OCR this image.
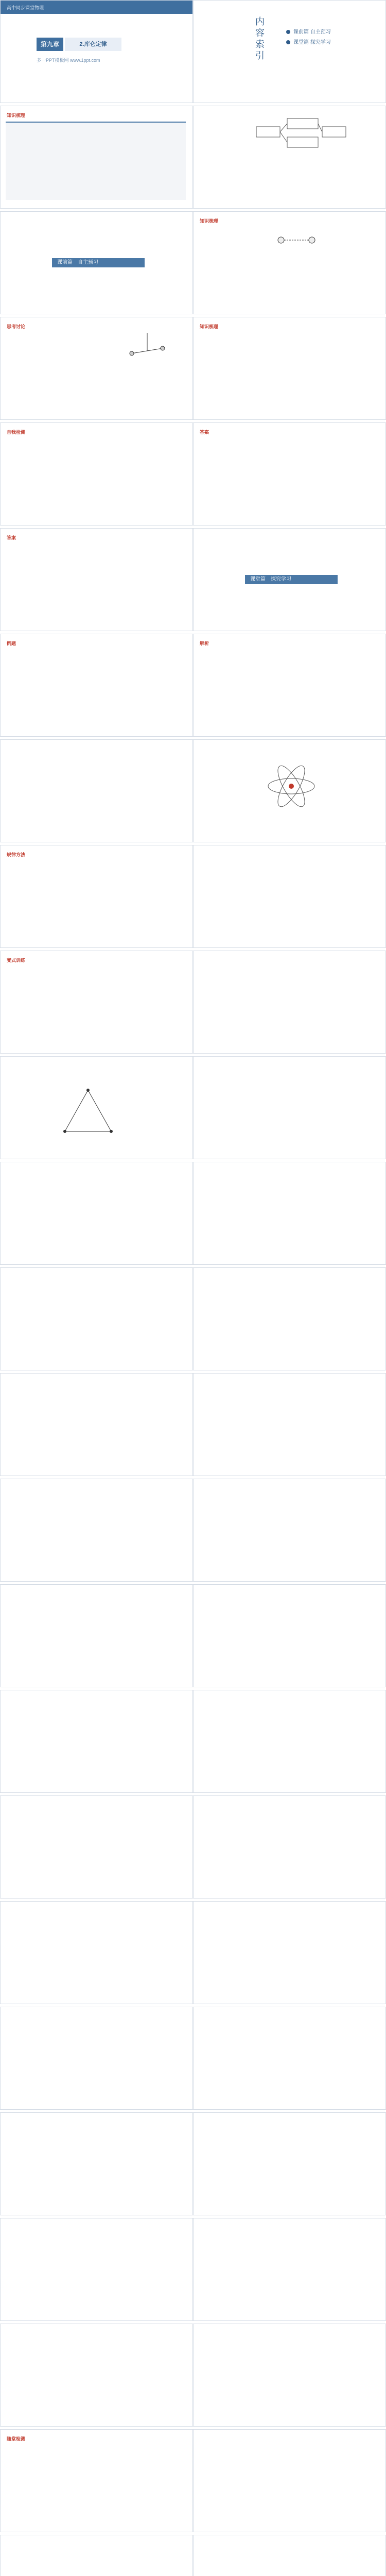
高中同步课堂物理
第九章	2.库仑定律
多一PPT模板网 www.1ppt.com
内容索引
课前篇 自主预习
课堂篇 探究学习
知识梳理
课前篇　自主预习
知识梳理
思考讨论	知识梳理
自我检测	答案
答案
课堂篇　探究学习
例题	解析
规律方法
变式训练
随堂检测
